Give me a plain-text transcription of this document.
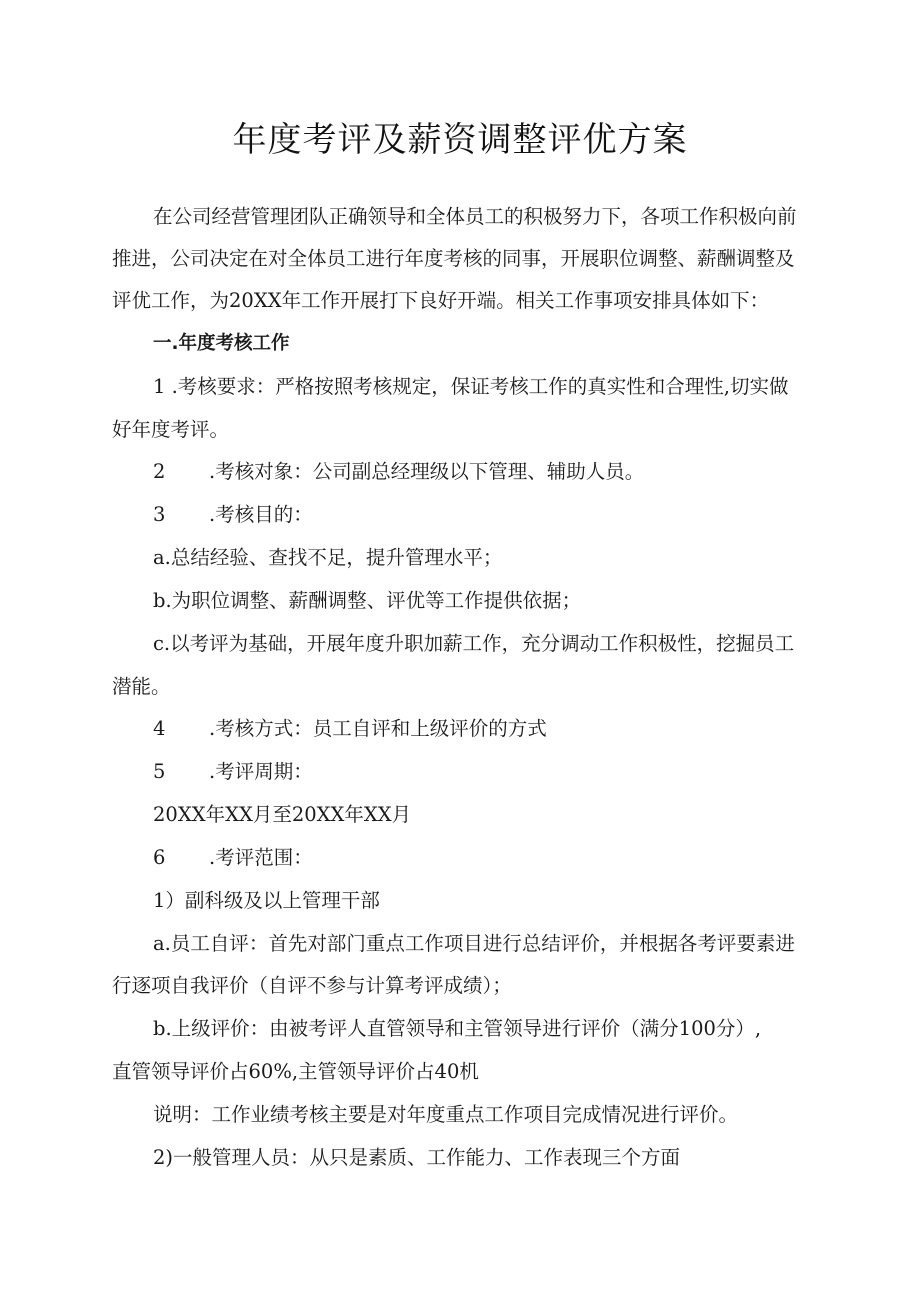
年度考评及薪资调整评优方案

在公司经营管理团队正确领导和全体员工的积极努力下，各项工作积极向前

推进，公司决定在对全体员工进行年度考核的同事，开展职位调整、薪酬调整及

评优工作，为20XX年工作开展打下良好开端。相关工作事项安排具体如下：

一.年度考核工作

1 .考核要求：严格按照考核规定，保证考核工作的真实性和合理性,切实做

好年度考评。

2 .考核对象：公司副总经理级以下管理、辅助人员。

3 .考核目的：

a.总结经验、查找不足，提升管理水平；

b.为职位调整、薪酬调整、评优等工作提供依据；

c.以考评为基础，开展年度升职加薪工作，充分调动工作积极性，挖掘员工

潜能。

4 .考核方式：员工自评和上级评价的方式

5 .考评周期：

20XX年XX月至20XX年XX月

6 .考评范围：

1）副科级及以上管理干部

a.员工自评：首先对部门重点工作项目进行总结评价，并根据各考评要素进

行逐项自我评价（自评不参与计算考评成绩）；

b.上级评价：由被考评人直管领导和主管领导进行评价（满分100分）,

直管领导评价占60%,主管领导评价占40机

说明：工作业绩考核主要是对年度重点工作项目完成情况进行评价。

2)一般管理人员：从只是素质、工作能力、工作表现三个方面
